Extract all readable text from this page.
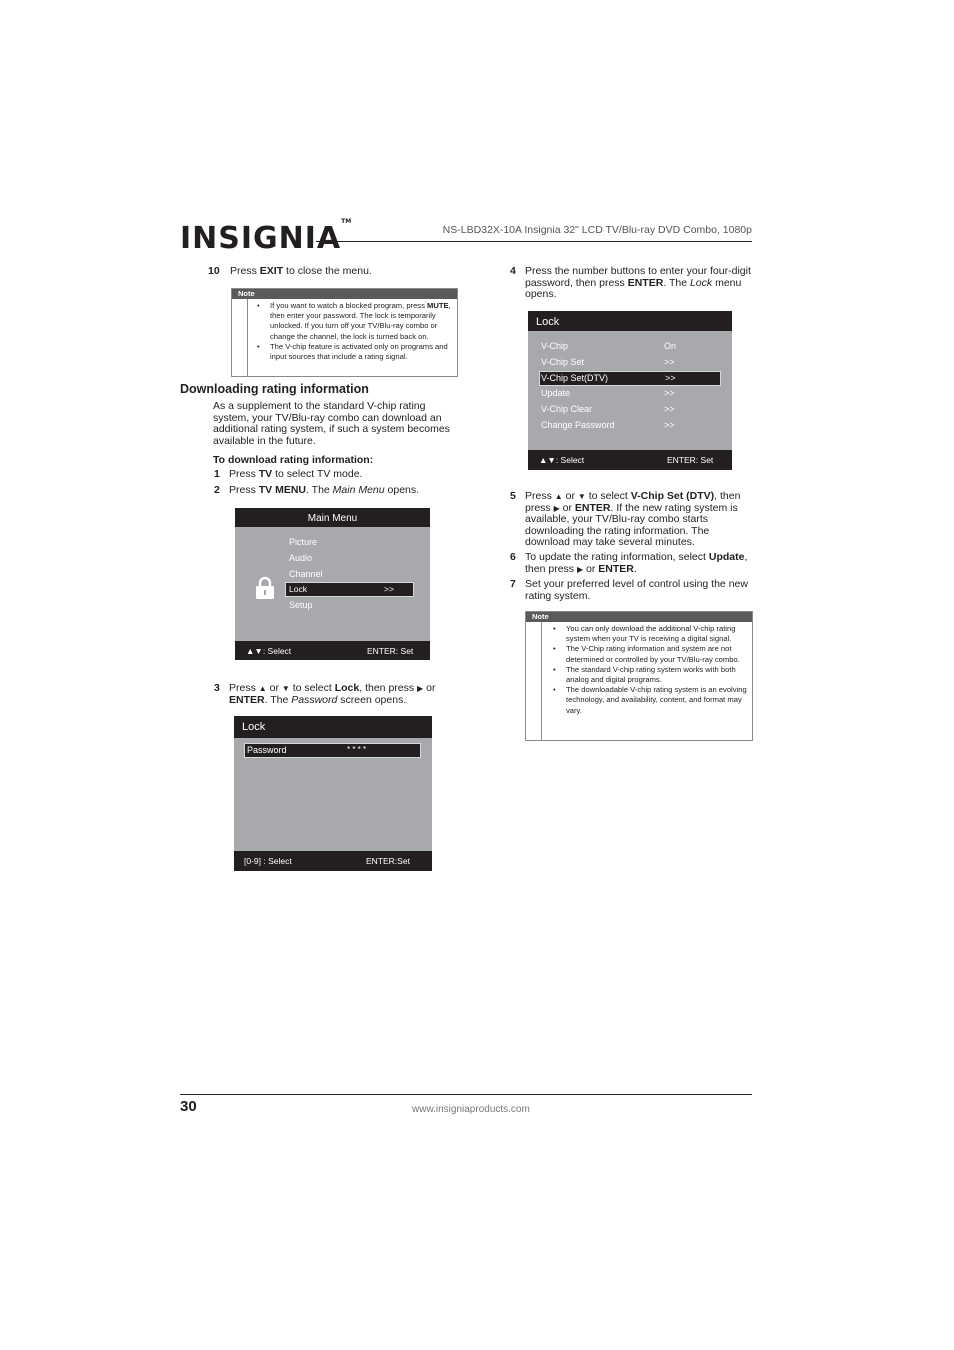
INSIGNIA™
NS-LBD32X-10A Insignia 32" LCD TV/Blu-ray DVD Combo, 1080p
10 Press EXIT to close the menu.
Note
• If you want to watch a blocked program, press MUTE, then enter your password. The lock is temporarily unlocked. If you turn off your TV/Blu-ray combo or change the channel, the lock is turned back on.
• The V-chip feature is activated only on programs and input sources that include a rating signal.
Downloading rating information
As a supplement to the standard V-chip rating system, your TV/Blu-ray combo can download an additional rating system, if such a system becomes available in the future.
To download rating information:
1 Press TV to select TV mode.
2 Press TV MENU. The Main Menu opens.
Main Menu
Picture
Audio
Channel
Lock	>>
Setup
▲▼: Select	ENTER: Set
3 Press ▲ or ▼ to select Lock, then press ▶ or
ENTER. The Password screen opens.
Lock
Password	* * * *
[0-9] : Select	ENTER:Set
4 Press the number buttons to enter your four-digit password, then press ENTER. The Lock menu opens.
Lock
V-Chip	On
V-Chip Set	>>
V-Chip Set(DTV)	>>
Update	>>
V-Chip Clear	>>
Change Password	>>
▲▼: Select	ENTER: Set
5 Press ▲ or ▼ to select V-Chip Set (DTV), then press ▶ or ENTER. If the new rating system is available, your TV/Blu-ray combo starts downloading the rating information. The download may take several minutes.
6 To update the rating information, select Update, then press ▶ or ENTER.
7 Set your preferred level of control using the new rating system.
Note
• You can only download the additional V-chip rating system when your TV is receiving a digital signal.
• The V-Chip rating information and system are not determined or controlled by your TV/Blu-ray combo.
• The standard V-chip rating system works with both analog and digital programs.
• The downloadable V-chip rating system is an evolving technology, and availability, content, and format may vary.
30	www.insigniaproducts.com
